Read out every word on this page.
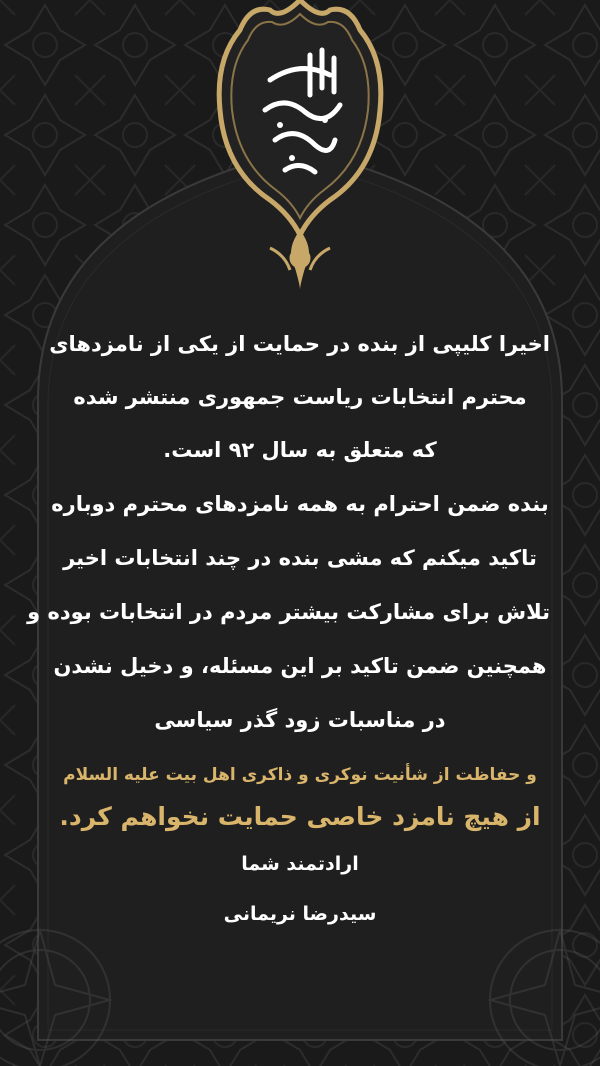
اخیرا کلیپی از بنده در حمایت از یکی از نامزدهای
محترم انتخابات ریاست جمهوری منتشر شده
که متعلق به سال ۹۲ است.
بنده ضمن احترام به همه نامزدهای محترم دوباره
تاکید میکنم که مشی بنده در چند انتخابات اخیر
تلاش برای مشارکت بیشتر مردم در انتخابات بوده و
همچنین ضمن تاکید بر این مسئله، و دخیل نشدن
در مناسبات زود گذر سیاسی
و حفاظت از شأنیت نوکری و ذاکری اهل بیت علیه السلام
از هیچ نامزد خاصی حمایت نخواهم کرد.
ارادتمند شما
سیدرضا نریمانی
